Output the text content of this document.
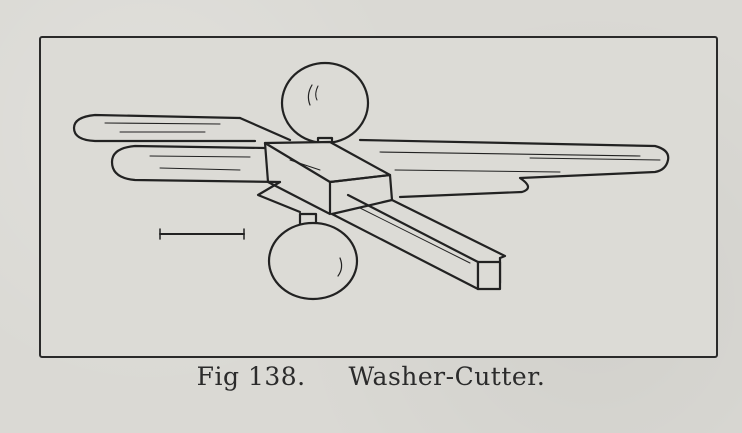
Fig 138. Washer-Cutter.
